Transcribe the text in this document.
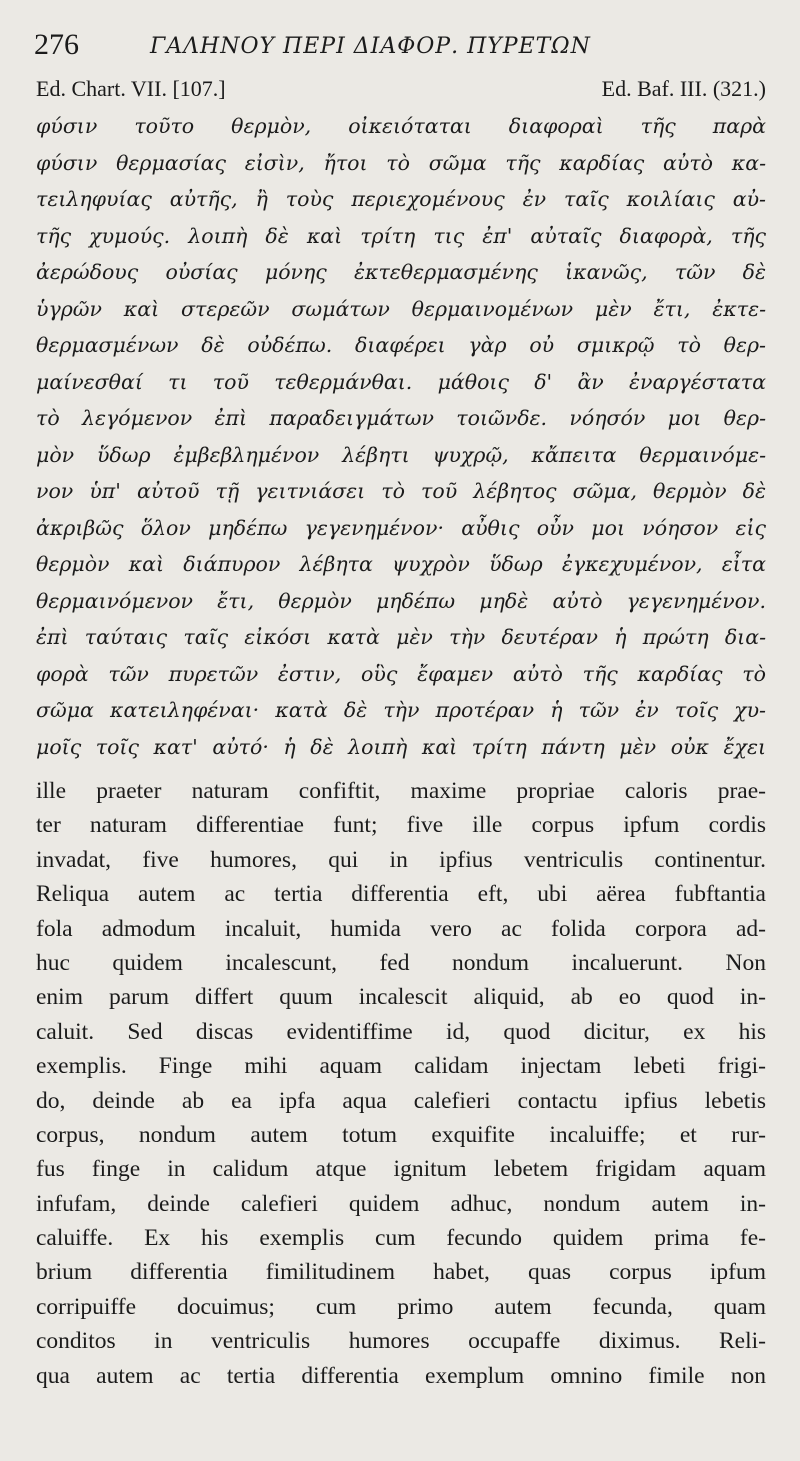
276	ΓΑΛΗΝΟΥ ΠΕΡΙ ΔΙΑΦΟΡ. ΠΥΡΕΤΩΝ
Ed. Chart. VII. [107.]	Ed. Baf. III. (321.)
φύσιν τοῦτο θερμὸν, οἰκειόταται διαφοραὶ τῆς παρὰ
φύσιν θερμασίας εἰσὶν, ἤτοι τὸ σῶμα τῆς καρδίας αὐτὸ κα-
τειληφυίας αὐτῆς, ἢ τοὺς περιεχομένους ἐν ταῖς κοιλίαις αὐ-
τῆς χυμούς. λοιπὴ δὲ καὶ τρίτη τις ἐπ' αὐταῖς διαφορὰ, τῆς
ἀερώδους οὐσίας μόνης ἐκτεθερμασμένης ἱκανῶς, τῶν δὲ
ὑγρῶν καὶ στερεῶν σωμάτων θερμαινομένων μὲν ἔτι, ἐκτε-
θερμασμένων δὲ οὐδέπω. διαφέρει γὰρ οὐ σμικρῷ τὸ θερ-
μαίνεσθαί τι τοῦ τεθερμάνθαι. μάθοις δ' ἂν ἐναργέστατα
τὸ λεγόμενον ἐπὶ παραδειγμάτων τοιῶνδε. νόησόν μοι θερ-
μὸν ὕδωρ ἐμβεβλημένον λέβητι ψυχρῷ, κἄπειτα θερμαινόμε-
νον ὑπ' αὐτοῦ τῇ γειτνιάσει τὸ τοῦ λέβητος σῶμα, θερμὸν δὲ
ἀκριβῶς ὅλον μηδέπω γεγενημένον· αὖθις οὖν μοι νόησον εἰς
θερμὸν καὶ διάπυρον λέβητα ψυχρὸν ὕδωρ ἐγκεχυμένον, εἶτα
θερμαινόμενον ἔτι, θερμὸν μηδέπω μηδὲ αὐτὸ γεγενημένον.
ἐπὶ ταύταις ταῖς εἰκόσι κατὰ μὲν τὴν δευτέραν ἡ πρώτη δια-
φορὰ τῶν πυρετῶν ἐστιν, οὓς ἔφαμεν αὐτὸ τῆς καρδίας τὸ
σῶμα κατειληφέναι· κατὰ δὲ τὴν προτέραν ἡ τῶν ἐν τοῖς χυ-
μοῖς τοῖς κατ' αὐτό· ἡ δὲ λοιπὴ καὶ τρίτη πάντη μὲν οὐκ ἔχει
ille praeter naturam confiftit, maxime propriae caloris prae-
ter naturam differentiae funt; five ille corpus ipfum cordis
invadat, five humores, qui in ipfius ventriculis continentur.
Reliqua autem ac tertia differentia eft, ubi aërea fubftantia
fola admodum incaluit, humida vero ac folida corpora ad-
huc quidem incalescunt, fed nondum incaluerunt. Non
enim parum differt quum incalescit aliquid, ab eo quod in-
caluit. Sed discas evidentiffime id, quod dicitur, ex his
exemplis. Finge mihi aquam calidam injectam lebeti frigi-
do, deinde ab ea ipfa aqua calefieri contactu ipfius lebetis
corpus, nondum autem totum exquifite incaluiffe; et rur-
fus finge in calidum atque ignitum lebetem frigidam aquam
infufam, deinde calefieri quidem adhuc, nondum autem in-
caluiffe. Ex his exemplis cum fecundo quidem prima fe-
brium differentia fimilitudinem habet, quas corpus ipfum
corripuiffe docuimus; cum primo autem fecunda, quam
conditos in ventriculis humores occupaffe diximus. Reli-
qua autem ac tertia differentia exemplum omnino fimile non
